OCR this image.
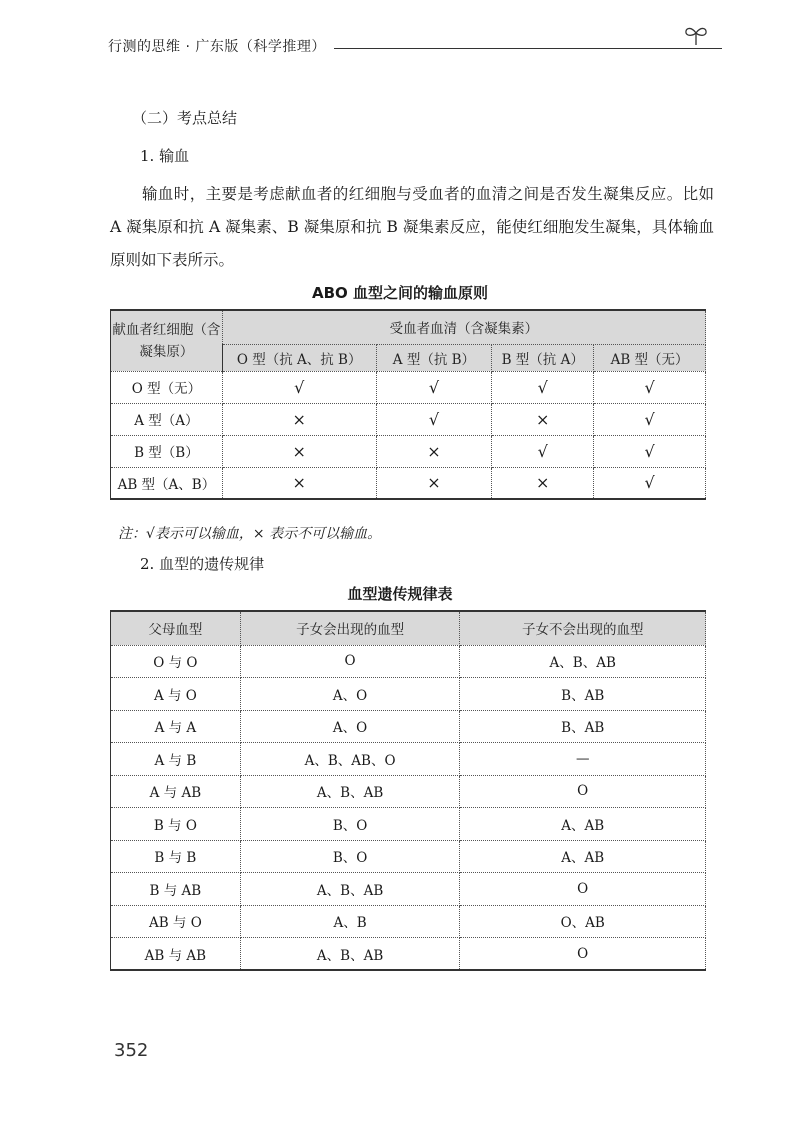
行测的思维 · 广东版（科学推理）
（二）考点总结
1. 输血
输血时，主要是考虑献血者的红细胞与受血者的血清之间是否发生凝集反应。比如 A 凝集原和抗 A 凝集素、B 凝集原和抗 B 凝集素反应，能使红细胞发生凝集，具体输血原则如下表所示。
ABO 血型之间的输血原则
献血者红细胞（含凝集原）	受血者血清（含凝集素）			
	O 型（抗 A、抗 B）	A 型（抗 B）	B 型（抗 A）	AB 型（无）
O 型（无）	√	√	√	√
A 型（A）	×	√	×	√
B 型（B）	×	×	√	√
AB 型（A、B）	×	×	×	√
注：√表示可以输血，× 表示不可以输血。
2. 血型的遗传规律
血型遗传规律表
父母血型	子女会出现的血型	子女不会出现的血型
O 与 O	O	A、B、AB
A 与 O	A、O	B、AB
A 与 A	A、O	B、AB
A 与 B	A、B、AB、O	—
A 与 AB	A、B、AB	O
B 与 O	B、O	A、AB
B 与 B	B、O	A、AB
B 与 AB	A、B、AB	O
AB 与 O	A、B	O、AB
AB 与 AB	A、B、AB	O
352
